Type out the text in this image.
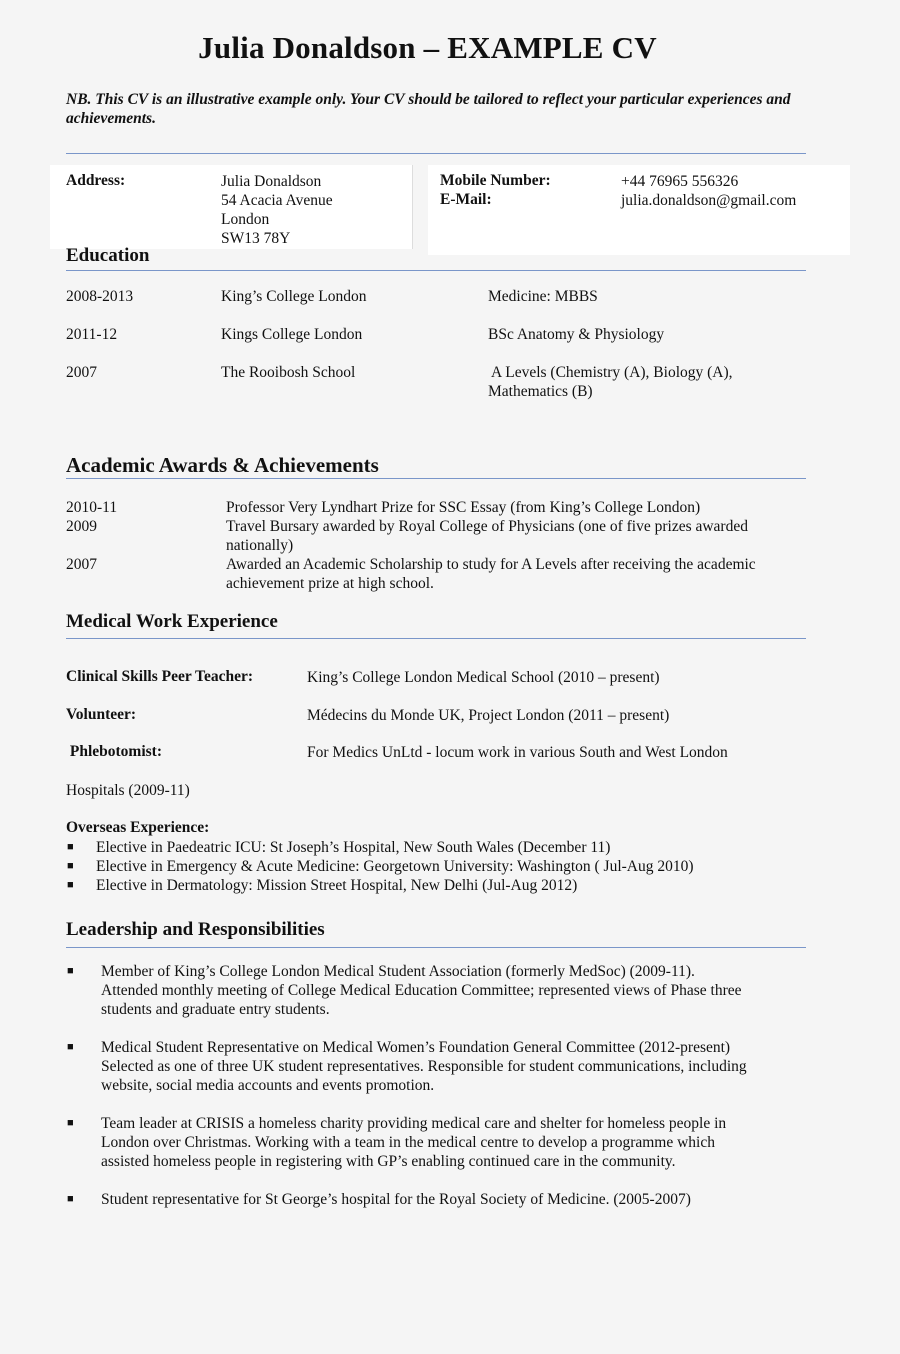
Julia Donaldson – EXAMPLE CV
NB. This CV is an illustrative example only. Your CV should be tailored to reflect your particular experiences and achievements.
Address:	Julia Donaldson
54 Acacia Avenue
London
SW13 78Y
Mobile Number:	+44 76965 556326
E-Mail:	julia.donaldson@gmail.com
Education
2008-2013	King’s College London	Medicine: MBBS
2011-12	Kings College London	BSc Anatomy & Physiology
2007	The Rooibosh School	A Levels (Chemistry (A), Biology (A),
Mathematics (B)
Academic Awards & Achievements
2010-11	Professor Very Lyndhart Prize for SSC Essay (from King’s College London)
2009	Travel Bursary awarded by Royal College of Physicians (one of five prizes awarded
nationally)
2007	Awarded an Academic Scholarship to study for A Levels after receiving the academic
achievement prize at high school.
Medical Work Experience
Clinical Skills Peer Teacher:	King’s College London Medical School (2010 – present)
Volunteer:	Médecins du Monde UK, Project London (2011 – present)
Phlebotomist:	For Medics UnLtd - locum work in various South and West London
Hospitals (2009-11)
Overseas Experience:
■ Elective in Paedeatric ICU: St Joseph’s Hospital, New South Wales (December 11)
■ Elective in Emergency & Acute Medicine: Georgetown University: Washington ( Jul-Aug 2010)
■ Elective in Dermatology: Mission Street Hospital, New Delhi (Jul-Aug 2012)
Leadership and Responsibilities
■ Member of King’s College London Medical Student Association (formerly MedSoc) (2009-11).
Attended monthly meeting of College Medical Education Committee; represented views of Phase three
students and graduate entry students.
■ Medical Student Representative on Medical Women’s Foundation General Committee (2012-present)
Selected as one of three UK student representatives. Responsible for student communications, including
website, social media accounts and events promotion.
■ Team leader at CRISIS a homeless charity providing medical care and shelter for homeless people in
London over Christmas. Working with a team in the medical centre to develop a programme which
assisted homeless people in registering with GP’s enabling continued care in the community.
■ Student representative for St George’s hospital for the Royal Society of Medicine. (2005-2007)
